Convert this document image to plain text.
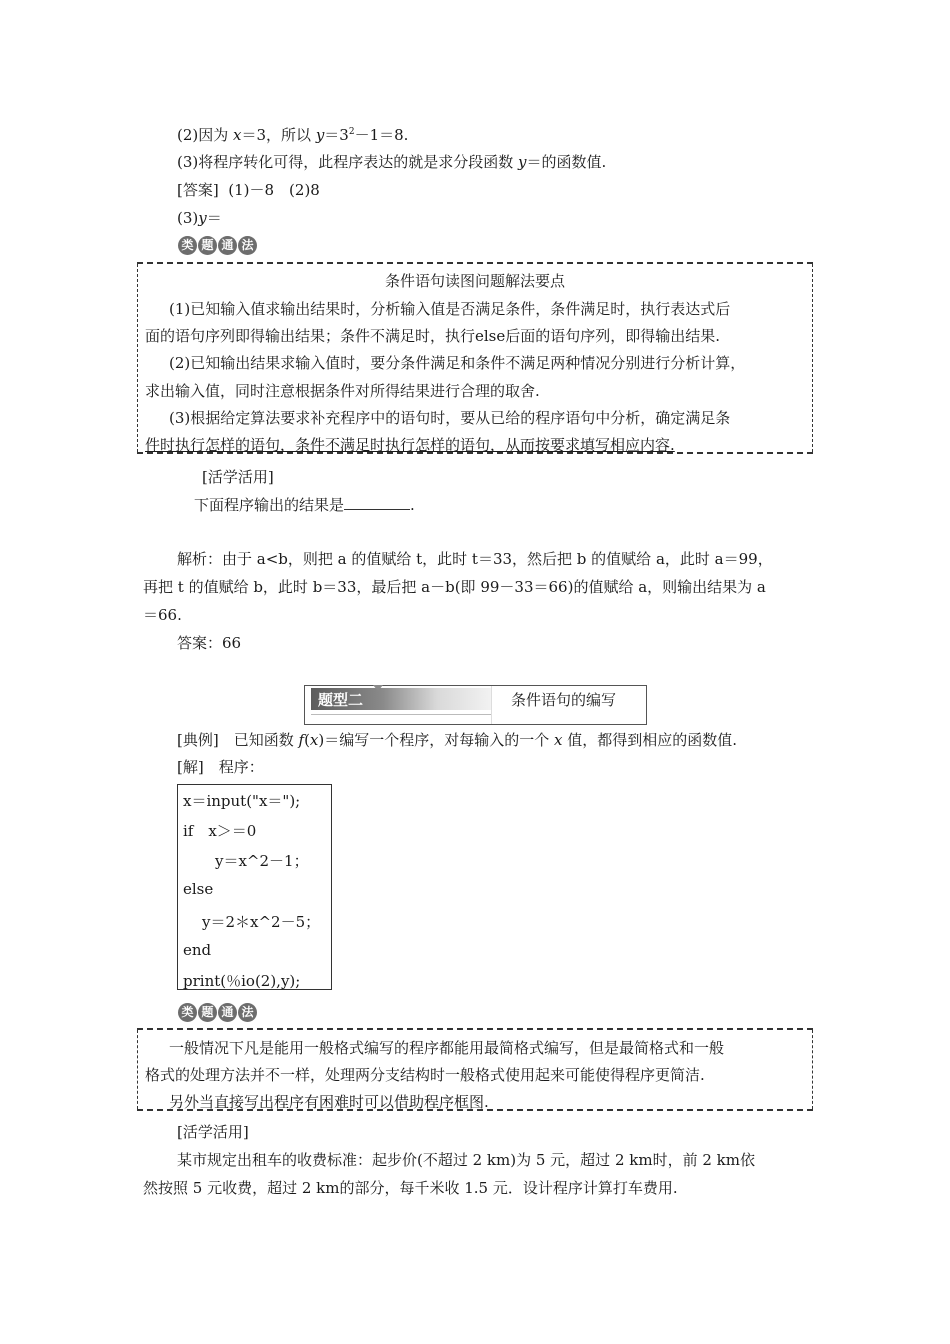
(2)因为 x＝3，所以 $y=3^2-1=8$.
(3)将程序转化可得，此程序表达的就是求分段函数 y＝的函数值.
[答案] (1)－8　(2)8
(3)y＝
类 题 通 法
条件语句读图问题解法要点
(1)已知输入值求输出结果时，分析输入值是否满足条件，条件满足时，执行表达式后
面的语句序列即得输出结果；条件不满足时，执行else后面的语句序列，即得输出结果.
(2)已知输出结果求输入值时，要分条件满足和条件不满足两种情况分别进行分析计算，
求出输入值，同时注意根据条件对所得结果进行合理的取舍.
(3)根据给定算法要求补充程序中的语句时，要从已给的程序语句中分析，确定满足条
件时执行怎样的语句，条件不满足时执行怎样的语句，从而按要求填写相应内容.
[活学活用]
下面程序输出的结果是	.
解析：由于 a<b，则把 a 的值赋给 t，此时 t＝33，然后把 b 的值赋给 a，此时 a＝99，
再把 t 的值赋给 b，此时 b＝33，最后把 a－b(即 99－33＝66)的值赋给 a，则输出结果为 a
＝66.
答案：66
题型二	条件语句的编写
[典例]　已知函数 f(x)＝编写一个程序，对每输入的一个 x 值，都得到相应的函数值.
[解]　程序：
x＝input("x＝");
if　x＞＝0
y＝x^2－1；
else
y＝2＊x^2－5；
end
print(％io(2),y);
类 题 通 法
一般情况下凡是能用一般格式编写的程序都能用最简格式编写，但是最简格式和一般
格式的处理方法并不一样，处理两分支结构时一般格式使用起来可能使得程序更简洁.
另外当直接写出程序有困难时可以借助程序框图.
[活学活用]
某市规定出租车的收费标准：起步价(不超过 2 km)为 5 元，超过 2 km时，前 2 km依
然按照 5 元收费，超过 2 km的部分，每千米收 1.5 元．设计程序计算打车费用.
